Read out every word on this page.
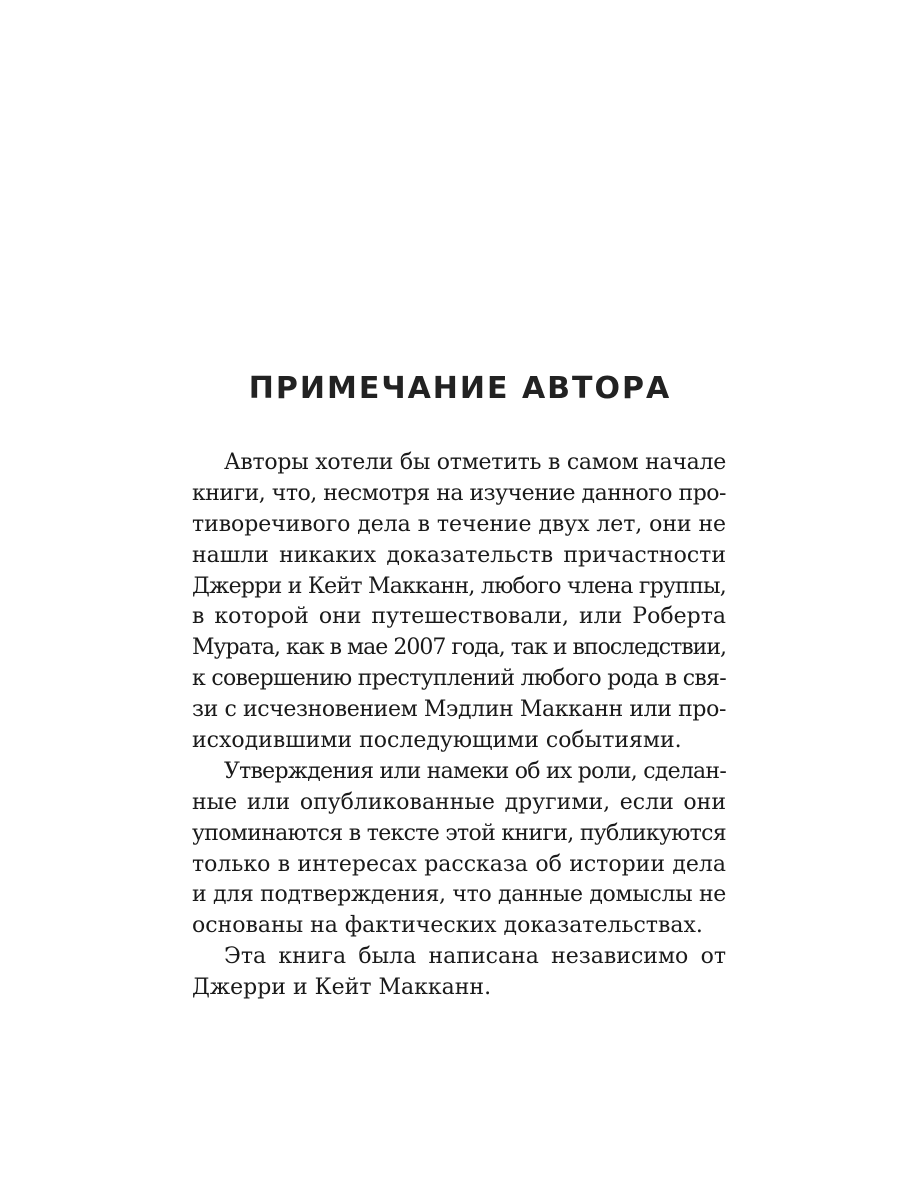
ПРИМЕЧАНИЕ АВТОРА

Авторы хотели бы отметить в самом начале
книги, что, несмотря на изучение данного про-
тиворечивого дела в течение двух лет, они не
нашли никаких доказательств причастности
Джерри и Кейт Макканн, любого члена группы,
в которой они путешествовали, или Роберта
Мурата, как в мае 2007 года, так и впоследствии,
к совершению преступлений любого рода в свя-
зи с исчезновением Мэдлин Макканн или про-
исходившими последующими событиями.

Утверждения или намеки об их роли, сделан-
ные или опубликованные другими, если они
упоминаются в тексте этой книги, публикуются
только в интересах рассказа об истории дела
и для подтверждения, что данные домыслы не
основаны на фактических доказательствах.

Эта книга была написана независимо от
Джерри и Кейт Макканн.
